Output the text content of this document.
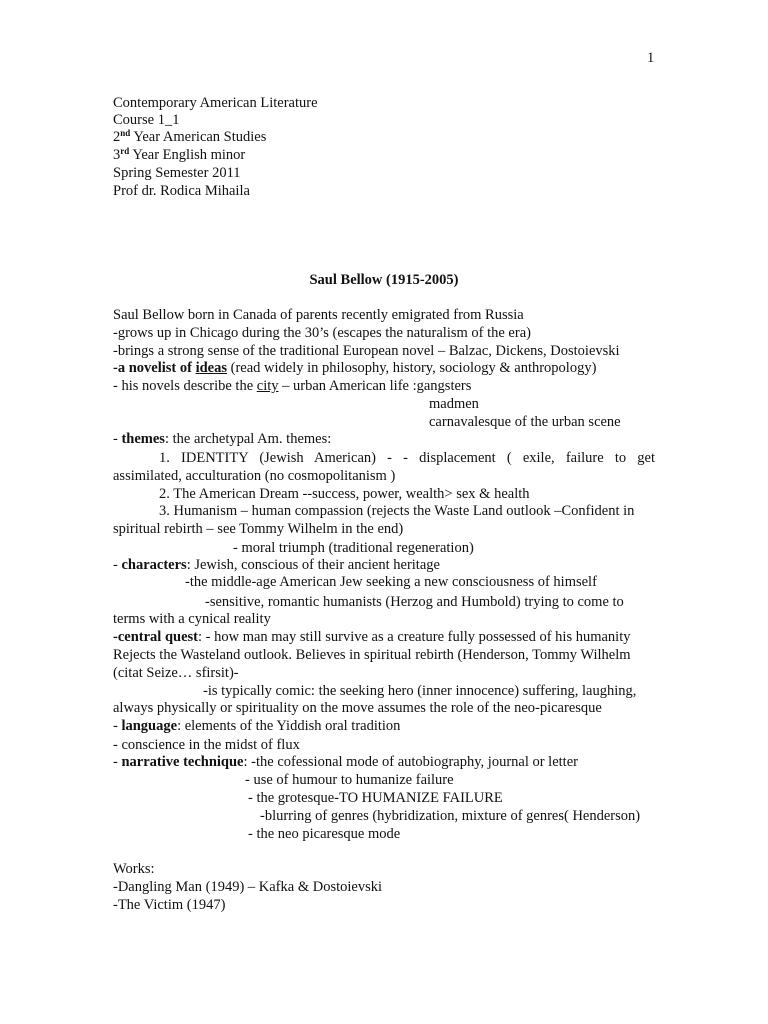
1
Contemporary American Literature
Course 1_1
2nd Year American Studies
3rd Year English minor
Spring Semester 2011
Prof dr. Rodica Mihaila
Saul Bellow (1915-2005)
Saul Bellow born in Canada of parents recently emigrated from Russia
-grows up in Chicago during the 30’s (escapes the naturalism of the era)
-brings a strong sense of the traditional European novel – Balzac, Dickens, Dostoievski
-a novelist of ideas (read widely in philosophy, history, sociology & anthropology)
- his novels describe the city – urban American life :gangsters
madmen
carnavalesque of the urban scene
- themes: the archetypal Am. themes:
1. IDENTITY (Jewish American) - - displacement ( exile, failure to get
assimilated, acculturation (no cosmopolitanism )
2. The American Dream --success, power, wealth> sex & health
3. Humanism – human compassion (rejects the Waste Land outlook –Confident in
spiritual rebirth – see Tommy Wilhelm in the end)
- moral triumph (traditional regeneration)
- characters: Jewish, conscious of their ancient heritage
-the middle-age American Jew seeking a new consciousness of himself
-sensitive, romantic humanists (Herzog and Humbold) trying to come to
terms with a cynical reality
-central quest: - how man may still survive as a creature fully possessed of his humanity
Rejects the Wasteland outlook. Believes in spiritual rebirth (Henderson, Tommy Wilhelm
(citat Seize… sfirsit)-
-is typically comic: the seeking hero (inner innocence) suffering, laughing,
always physically or spirituality on the move assumes the role of the neo-picaresque
- language: elements of the Yiddish oral tradition
- conscience in the midst of flux
- narrative technique: -the cofessional mode of autobiography, journal or letter
- use of humour to humanize failure
- the grotesque-TO HUMANIZE FAILURE
-blurring of genres (hybridization, mixture of genres( Henderson)
- the neo picaresque mode
Works:
-Dangling Man (1949) – Kafka & Dostoievski
-The Victim (1947)
